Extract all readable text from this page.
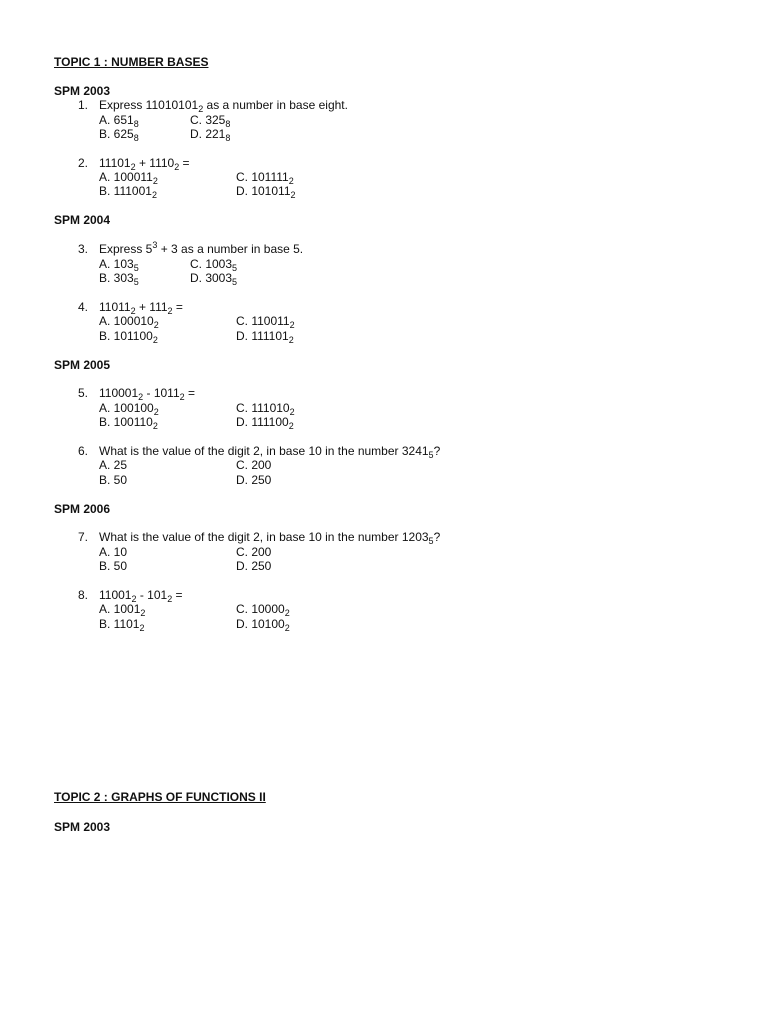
TOPIC 1 : NUMBER BASES
SPM 2003
1. Express $11010101_2$ as a number in base eight.
A. $651_8$	C. $325_8$
B. $625_8$	D. $221_8$
2. $11101_2 + 1110_2$ =
A. $100011_2$	C. $101111_2$
B. $111001_2$	D. $101011_2$
SPM 2004
3. Express $5^3 + 3$ as a number in base 5.
A. $103_5$	C. $1003_5$
B. $303_5$	D. $3003_5$
4. $11011_2 + 111_2$ =
A. $100010_2$	C. $110011_2$
B. $101100_2$	D. $111101_2$
SPM 2005
5. $110001_2 - 1011_2$ =
A. $100100_2$	C. $111010_2$
B. $100110_2$	D. $111100_2$
6. What is the value of the digit 2, in base 10 in the number $3241_5$?
A. 25	C. 200
B. 50	D. 250
SPM 2006
7. What is the value of the digit 2, in base 10 in the number $1203_5$?
A. 10	C. 200
B. 50	D. 250
8. $11001_2 - 101_2$ =
A. $1001_2$	C. $10000_2$
B. $1101_2$	D. $10100_2$
TOPIC 2 : GRAPHS OF FUNCTIONS II
SPM 2003
